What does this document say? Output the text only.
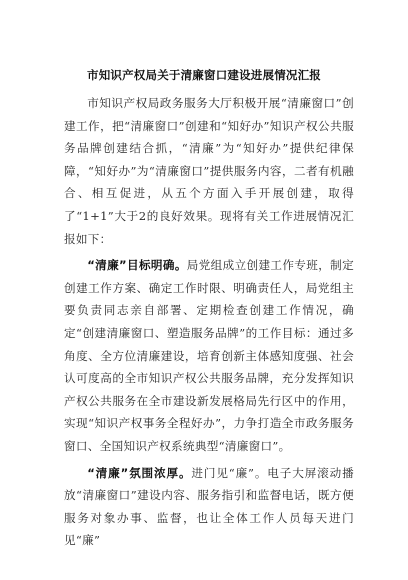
市知识产权局关于清廉窗口建设进展情况汇报

市知识产权局政务服务大厅积极开展“清廉窗口”创建工作，把“清廉窗口”创建和“知好办”知识产权公共服务品牌创建结合抓，“清廉”为“知好办”提供纪律保障，“知好办”为“清廉窗口”提供服务内容，二者有机融合、相互促进，从五个方面入手开展创建，取得了“1+1”大于2的良好效果。现将有关工作进展情况汇报如下：

“清廉”目标明确。局党组成立创建工作专班，制定创建工作方案、确定工作时限、明确责任人，局党组主要负责同志亲自部署、定期检查创建工作情况，确定“创建清廉窗口、塑造服务品牌”的工作目标：通过多角度、全方位清廉建设，培育创新主体感知度强、社会认可度高的全市知识产权公共服务品牌，充分发挥知识产权公共服务在全市建设新发展格局先行区中的作用，实现“知识产权事务全程好办”，力争打造全市政务服务窗口、全国知识产权系统典型“清廉窗口”。

“清廉”氛围浓厚。进门见“廉”。电子大屏滚动播放“清廉窗口”建设内容、服务指引和监督电话，既方便服务对象办事、监督，也让全体工作人员每天进门见“廉”
